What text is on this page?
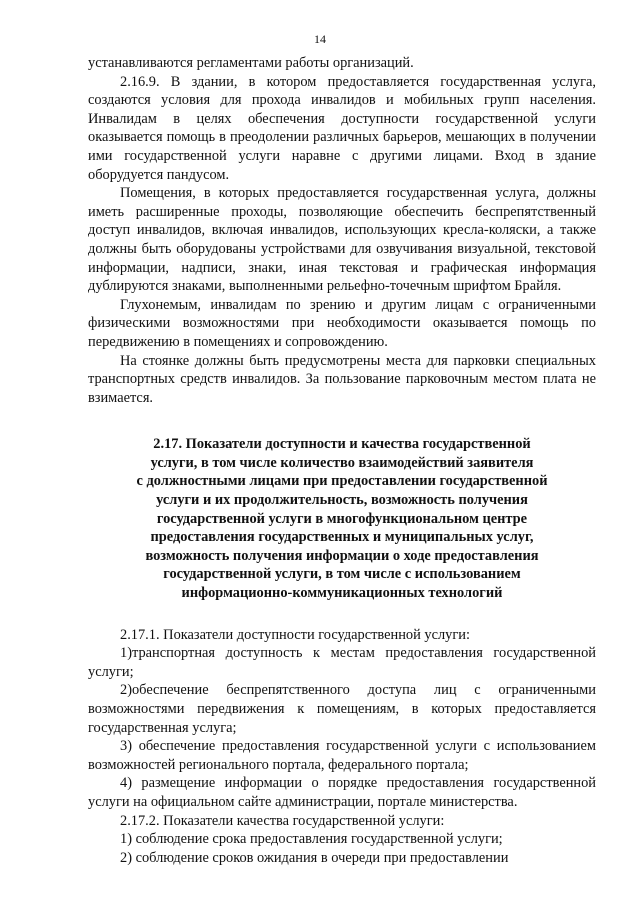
14

устанавливаются регламентами работы организаций.

2.16.9. В здании, в котором предоставляется государственная услуга, создаются условия для прохода инвалидов и мобильных групп населения. Инвалидам в целях обеспечения доступности государственной услуги оказывается помощь в преодолении различных барьеров, мешающих в получении ими государственной услуги наравне с другими лицами. Вход в здание оборудуется пандусом.

Помещения, в которых предоставляется государственная услуга, должны иметь расширенные проходы, позволяющие обеспечить беспрепятственный доступ инвалидов, включая инвалидов, использующих кресла-коляски, а также должны быть оборудованы устройствами для озвучивания визуальной, текстовой информации, надписи, знаки, иная текстовая и графическая информация дублируются знаками, выполненными рельефно-точечным шрифтом Брайля.

Глухонемым, инвалидам по зрению и другим лицам с ограниченными физическими возможностями при необходимости оказывается помощь по передвижению в помещениях и сопровождению.

На стоянке должны быть предусмотрены места для парковки специальных транспортных средств инвалидов. За пользование парковочным местом плата не взимается.

2.17. Показатели доступности и качества государственной
услуги, в том числе количество взаимодействий заявителя
с должностными лицами при предоставлении государственной
услуги и их продолжительность, возможность получения
государственной услуги в многофункциональном центре
предоставления государственных и муниципальных услуг,
возможность получения информации о ходе предоставления
государственной услуги, в том числе с использованием
информационно-коммуникационных технологий

2.17.1. Показатели доступности государственной услуги:

1)транспортная доступность к местам предоставления государственной услуги;

2)обеспечение беспрепятственного доступа лиц с ограниченными возможностями передвижения к помещениям, в которых предоставляется государственная услуга;

3) обеспечение предоставления государственной услуги с использованием возможностей регионального портала, федерального портала;

4) размещение информации о порядке предоставления государственной услуги на официальном сайте администрации, портале министерства.

2.17.2. Показатели качества государственной услуги:

1) соблюдение срока предоставления государственной услуги;

2) соблюдение сроков ожидания в очереди при предоставлении
